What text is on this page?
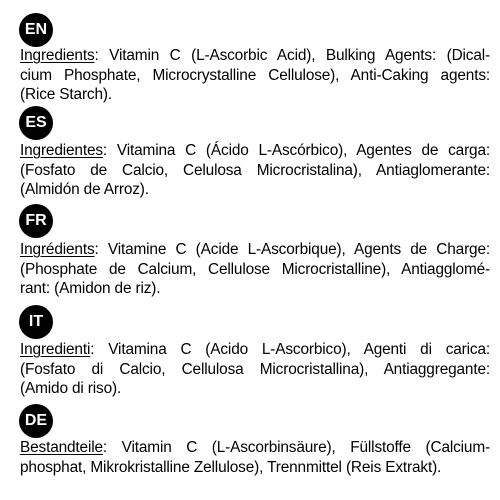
EN
Ingredients: Vitamin C (L-Ascorbic Acid), Bulking Agents: (Dical-
cium Phosphate, Microcrystalline Cellulose), Anti-Caking agents:
(Rice Starch).
ES
Ingredientes: Vitamina C (Ácido L-Ascórbico), Agentes de carga:
(Fosfato de Calcio, Celulosa Microcristalina), Antiaglomerante:
(Almidón de Arroz).
FR
Ingrédients: Vitamine C (Acide L-Ascorbique), Agents de Charge:
(Phosphate de Calcium, Cellulose Microcristalline), Antiagglomé-
rant: (Amidon de riz).
IT
Ingredienti: Vitamina C (Acido L-Ascorbico), Agenti di carica:
(Fosfato di Calcio, Cellulosa Microcristallina), Antiaggregante:
(Amido di riso).
DE
Bestandteile: Vitamin C (L-Ascorbinsäure), Füllstoffe (Calcium-
phosphat, Mikrokristalline Zellulose), Trennmittel (Reis Extrakt).
